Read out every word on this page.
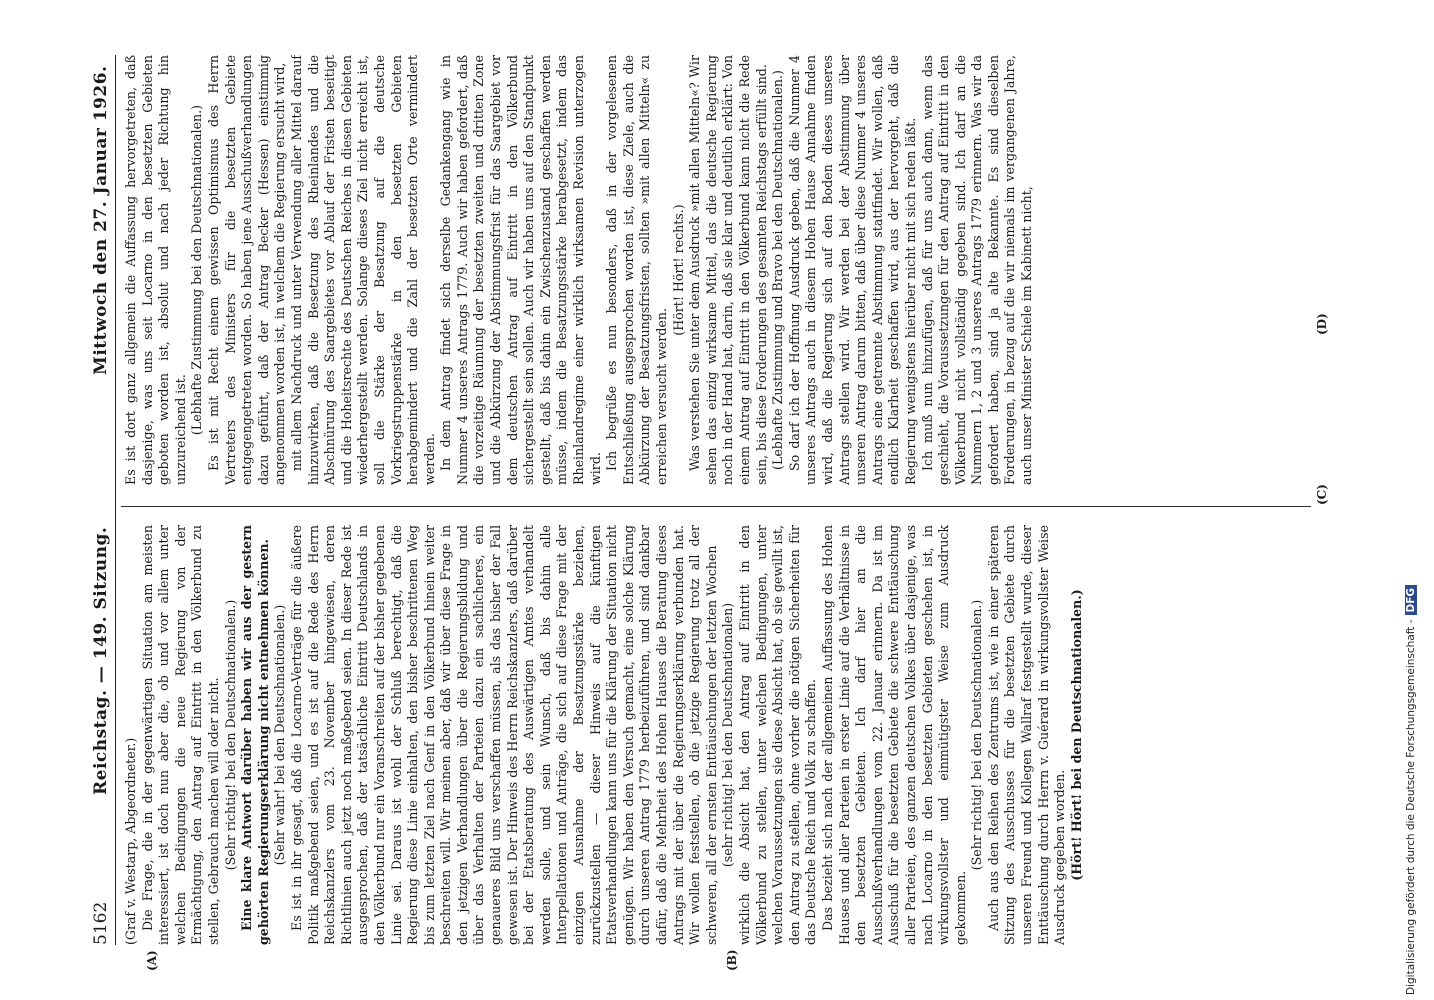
5162
Reichstag. — 149. Sitzung.
Mittwoch den 27. Januar 1926.
(A)	(B)
(C)
(D)

(Graf v. Westarp, Abgeordneter.) Die Frage, die in der gegenwärtigen Situation am meisten interessiert, ist doch nun aber die, ob und vor allem unter welchen Bedingungen die neue Regierung von der Ermächtigung, den Antrag auf Eintritt in den Völkerbund zu stellen, Gebrauch machen will oder nicht. (Sehr richtig! bei den Deutschnationalen.) Eine klare Antwort darüber haben wir aus der gestern gehörten Regierungserklärung nicht entnehmen können. (Sehr wahr! bei den Deutschnationalen.) Es ist in ihr gesagt, daß die Locarno-Verträge für die äußere Politik maßgebend seien, und es ist auf die Rede des Herrn Reichskanzlers vom 23. November hingewiesen, deren Richtlinien auch jetzt noch maßgebend seien. In dieser Rede ist ausgesprochen, daß der tatsächliche Eintritt Deutschlands in den Völkerbund nur ein Voranschreiten auf der bisher gegebenen Linie sei. Daraus ist wohl der Schluß berechtigt, daß die Regierung diese Linie einhalten, den bisher beschrittenen Weg bis zum letzten Ziel nach Genf in den Völkerbund hinein weiter beschreiten will. Wir meinen aber, daß wir über diese Frage in den jetzigen Verhandlungen über die Regierungsbildung und über das Verhalten der Parteien dazu ein sachlicheres, ein genaueres Bild uns verschaffen müssen, als das bisher der Fall gewesen ist. Der Hinweis des Herrn Reichskanzlers, daß darüber bei der Etatsberatung des Auswärtigen Amtes verhandelt werden solle, und sein Wunsch, daß bis dahin alle Interpellationen und Anträge, die sich auf diese Frage mit der einzigen Ausnahme der Besatzungsstärke beziehen, zurückzustellen — dieser Hinweis auf die künftigen Etatsverhandlungen kann uns für die Klärung der Situation nicht genügen. Wir haben den Versuch gemacht, eine solche Klärung durch unseren Antrag 1779 herbeizuführen, und sind dankbar dafür, daß die Mehrheit des Hohen Hauses die Beratung dieses Antrags mit der über die Regierungserklärung verbunden hat. Wir wollen feststellen, ob die jetzige Regierung trotz all der schweren, all der ernsten Enttäuschungen der letzten Wochen (sehr richtig! bei den Deutschnationalen) wirklich die Absicht hat, den Antrag auf Eintritt in den Völkerbund zu stellen, unter welchen Bedingungen, unter welchen Voraussetzungen sie diese Absicht hat, ob sie gewillt ist, den Antrag zu stellen, ohne vorher die nötigen Sicherheiten für das Deutsche Reich und Volk zu schaffen. Das bezieht sich nach der allgemeinen Auffassung des Hohen Hauses und aller Parteien in erster Linie auf die Verhältnisse in den besetzten Gebieten. Ich darf hier an die Ausschußverhandlungen vom 22. Januar erinnern. Da ist im Ausschuß für die besetzten Gebiete die schwere Enttäuschung aller Parteien, des ganzen deutschen Volkes über dasjenige, was nach Locarno in den besetzten Gebieten geschehen ist, in wirkungsvollster und einmütigster Weise zum Ausdruck gekommen.

(Sehr richtig! bei den Deutschnationalen.) Auch aus den Reihen des Zentrums ist, wie in einer späteren Sitzung des Ausschusses für die besetzten Gebiete durch unseren Freund und Kollegen Wallraf festgestellt wurde, dieser Enttäuschung durch Herrn v. Guérard in wirkungsvollster Weise Ausdruck gegeben worden. (Hört! Hört! bei den Deutschnationalen.)

Es ist dort ganz allgemein die Auffassung hervorgetreten, daß dasjenige, was uns seit Locarno in den besetzten Gebieten geboten worden ist, absolut und nach jeder Richtung hin unzureichend ist. (Lebhafte Zustimmung bei den Deutschnationalen.) Es ist mit Recht einem gewissen Optimismus des Herrn Vertreters des Ministers für die besetzten Gebiete entgegengetreten worden. So haben jene Ausschußverhandlungen dazu geführt, daß der Antrag Becker (Hessen) einstimmig angenommen worden ist, in welchem die Regierung ersucht wird, mit allem Nachdruck und unter Verwendung aller Mittel darauf hinzuwirken, daß die Besetzung des Rheinlandes und die Abschnürung des Saargebietes vor Ablauf der Fristen beseitigt und die Hoheitsrechte des Deutschen Reiches in diesen Gebieten wiederhergestellt werden. Solange dieses Ziel nicht erreicht ist, soll die Stärke der Besatzung auf die deutsche Vorkriegstruppenstärke in den besetzten Gebieten herabgemindert und die Zahl der besetzten Orte vermindert werden. In dem Antrag findet sich derselbe Gedankengang wie in Nummer 4 unseres Antrags 1779. Auch wir haben gefordert, daß die vorzeitige Räumung der besetzten zweiten und dritten Zone und die Abkürzung der Abstimmungsfrist für das Saargebiet vor dem deutschen Antrag auf Eintritt in den Völkerbund sichergestellt sein sollen. Auch wir haben uns auf den Standpunkt gestellt, daß bis dahin ein Zwischenzustand geschaffen werden müsse, indem die Besatzungsstärke herabgesetzt, indem das Rheinlandregime einer wirklich wirksamen Revision unterzogen wird. Ich begrüße es nun besonders, daß in der vorgelesenen Entschließung ausgesprochen worden ist, diese Ziele, auch die Abkürzung der Besatzungsfristen, sollten »mit allen Mitteln« zu erreichen versucht werden.

(Hört! Hört! rechts.) Was verstehen Sie unter dem Ausdruck »mit allen Mitteln«? Wir sehen das einzig wirksame Mittel, das die deutsche Regierung noch in der Hand hat, darin, daß sie klar und deutlich erklärt: Von einem Antrag auf Eintritt in den Völkerbund kann nicht die Rede sein, bis diese Forderungen des gesamten Reichstags erfüllt sind. (Lebhafte Zustimmung und Bravo bei den Deutschnationalen.) So darf ich der Hoffnung Ausdruck geben, daß die Nummer 4 unseres Antrags auch in diesem Hohen Hause Annahme finden wird, daß die Regierung sich auf den Boden dieses unseres Antrags stellen wird. Wir werden bei der Abstimmung über unseren Antrag darum bitten, daß über diese Nummer 4 unseres Antrags eine getrennte Abstimmung stattfindet. Wir wollen, daß endlich Klarheit geschaffen wird, aus der hervorgeht, daß die Regierung wenigstens hierüber nicht mit sich reden läßt. Ich muß nun hinzufügen, daß für uns auch dann, wenn das geschieht, die Voraussetzungen für den Antrag auf Eintritt in den Völkerbund nicht vollständig gegeben sind. Ich darf an die Nummern 1, 2 und 3 unseres Antrags 1779 erinnern. Was wir da gefordert haben, sind ja alte Bekannte. Es sind dieselben Forderungen, in bezug auf die wir niemals im vergangenen Jahre, auch unser Minister Schiele im Kabinett nicht,

Digitalisierung gefördert durch die Deutsche Forschungsgemeinschaft -DFG
